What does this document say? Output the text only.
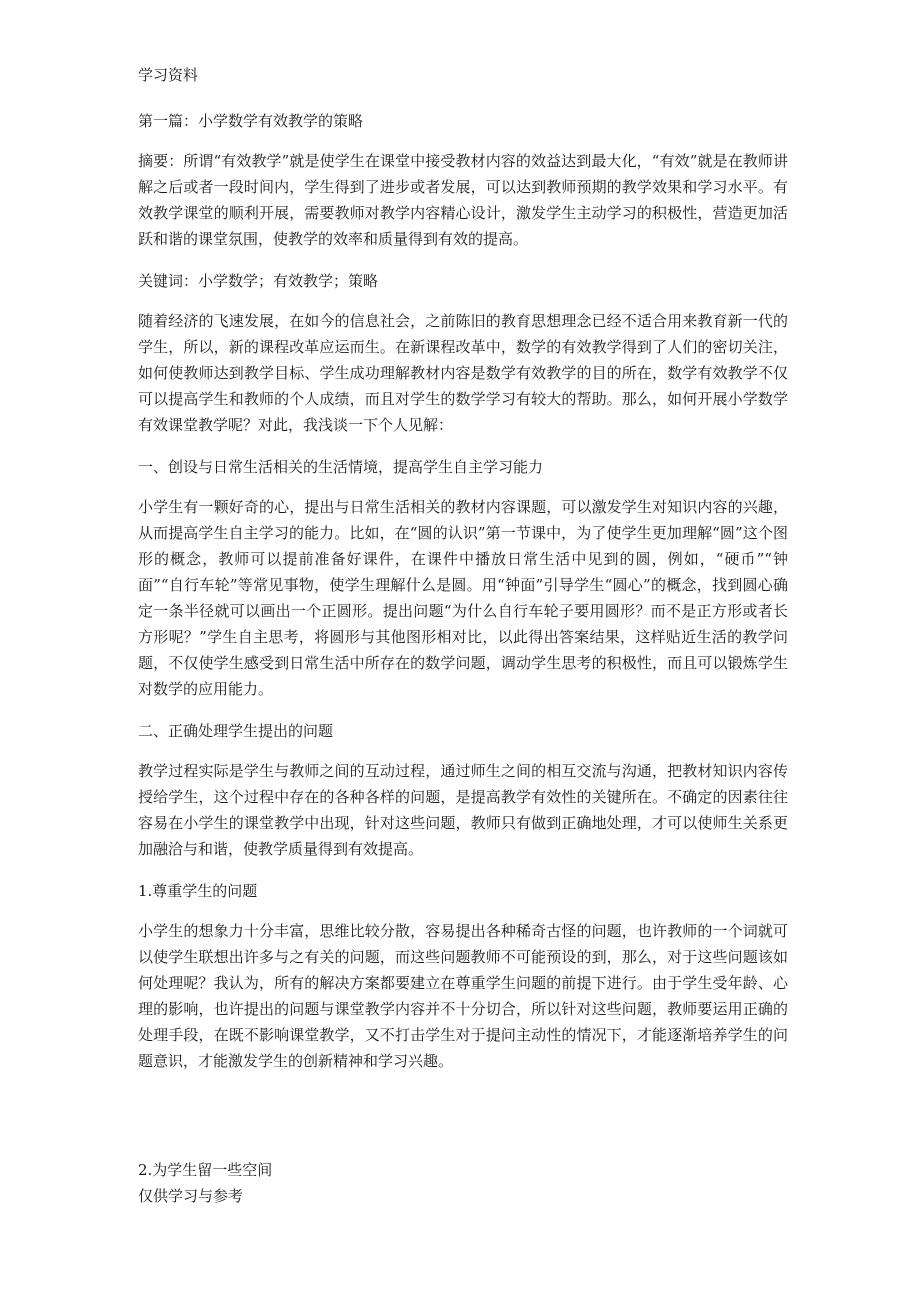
学习资料

第一篇：小学数学有效教学的策略

摘要：所谓“有效教学”就是使学生在课堂中接受教材内容的效益达到最大化，“有效”就是在教师讲解之后或者一段时间内，学生得到了进步或者发展，可以达到教师预期的教学效果和学习水平。有效教学课堂的顺利开展，需要教师对教学内容精心设计，激发学生主动学习的积极性，营造更加活跃和谐的课堂氛围，使教学的效率和质量得到有效的提高。

关键词：小学数学；有效教学；策略

随着经济的飞速发展，在如今的信息社会，之前陈旧的教育思想理念已经不适合用来教育新一代的学生，所以，新的课程改革应运而生。在新课程改革中，数学的有效教学得到了人们的密切关注，如何使教师达到教学目标、学生成功理解教材内容是数学有效教学的目的所在，数学有效教学不仅可以提高学生和教师的个人成绩，而且对学生的数学学习有较大的帮助。那么，如何开展小学数学有效课堂教学呢？对此，我浅谈一下个人见解：

一、创设与日常生活相关的生活情境，提高学生自主学习能力

小学生有一颗好奇的心，提出与日常生活相关的教材内容课题，可以激发学生对知识内容的兴趣，从而提高学生自主学习的能力。比如，在“圆的认识”第一节课中，为了使学生更加理解“圆”这个图形的概念，教师可以提前准备好课件，在课件中播放日常生活中见到的圆，例如，“硬币”“钟面”“自行车轮”等常见事物，使学生理解什么是圆。用“钟面”引导学生“圆心”的概念，找到圆心确定一条半径就可以画出一个正圆形。提出问题“为什么自行车轮子要用圆形？而不是正方形或者长方形呢？”学生自主思考，将圆形与其他图形相对比，以此得出答案结果，这样贴近生活的教学问题，不仅使学生感受到日常生活中所存在的数学问题，调动学生思考的积极性，而且可以锻炼学生对数学的应用能力。

二、正确处理学生提出的问题

教学过程实际是学生与教师之间的互动过程，通过师生之间的相互交流与沟通，把教材知识内容传授给学生，这个过程中存在的各种各样的问题，是提高教学有效性的关键所在。不确定的因素往往容易在小学生的课堂教学中出现，针对这些问题，教师只有做到正确地处理，才可以使师生关系更加融洽与和谐，使教学质量得到有效提高。

1.尊重学生的问题

小学生的想象力十分丰富，思维比较分散，容易提出各种稀奇古怪的问题，也许教师的一个词就可以使学生联想出许多与之有关的问题，而这些问题教师不可能预设的到，那么，对于这些问题该如何处理呢？我认为，所有的解决方案都要建立在尊重学生问题的前提下进行。由于学生受年龄、心理的影响，也许提出的问题与课堂教学内容并不十分切合，所以针对这些问题，教师要运用正确的处理手段，在既不影响课堂教学，又不打击学生对于提问主动性的情况下，才能逐渐培养学生的问题意识，才能激发学生的创新精神和学习兴趣。

2.为学生留一些空间
仅供学习与参考
